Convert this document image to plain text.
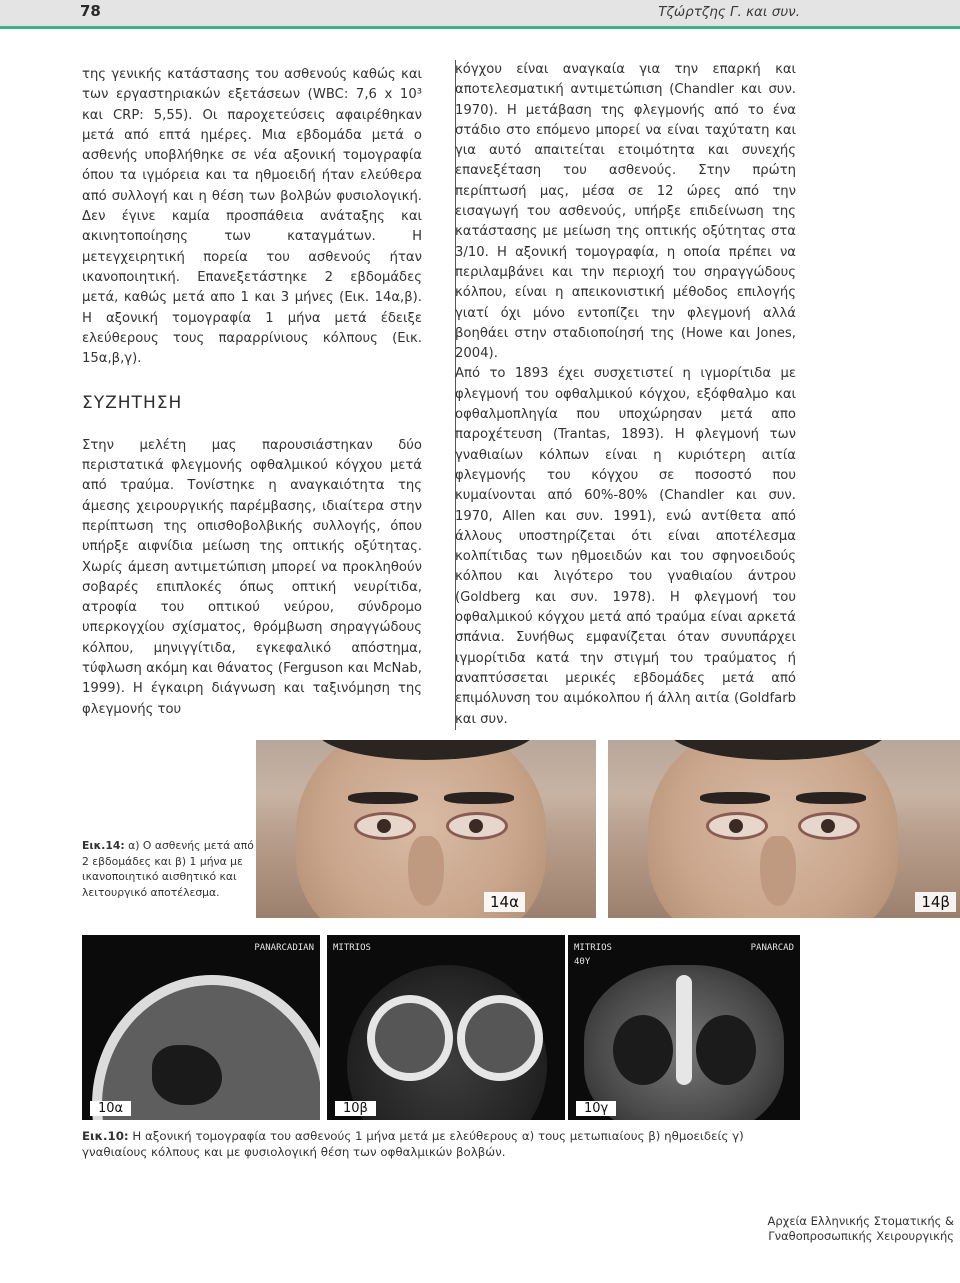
78	Τζώρτζης Γ. και συν.

της γενικής κατάστασης του ασθενούς καθώς και των εργαστηριακών εξετάσεων (WBC: 7,6 x 10³ και CRP: 5,55). Οι παροχετεύσεις αφαιρέθηκαν μετά από επτά ημέρες. Μια εβδομάδα μετά ο ασθενής υποβλήθηκε σε νέα αξονική τομογραφία όπου τα ιγμόρεια και τα ηθμοειδή ήταν ελεύθερα από συλλογή και η θέση των βολβών φυσιολογική. Δεν έγινε καμία προσπάθεια ανάταξης και ακινητοποίησης των καταγμάτων. Η μετεγχειρητική πορεία του ασθενούς ήταν ικανοποιητική. Επανεξετάστηκε 2 εβδομάδες μετά, καθώς μετά απο 1 και 3 μήνες (Εικ. 14α,β). Η αξονική τομογραφία 1 μήνα μετά έδειξε ελεύθερους τους παραρρίνιους κόλπους (Εικ. 15α,β,γ).

ΣΥΖΗΤΗΣΗ

Στην μελέτη μας παρουσιάστηκαν δύο περιστατικά φλεγμονής οφθαλμικού κόγχου μετά από τραύμα. Τονίστηκε η αναγκαιότητα της άμεσης χειρουργικής παρέμβασης, ιδιαίτερα στην περίπτωση της οπισθοβολβικής συλλογής, όπου υπήρξε αιφνίδια μείωση της οπτικής οξύτητας. Χωρίς άμεση αντιμετώπιση μπορεί να προκληθούν σοβαρές επιπλοκές όπως οπτική νευρίτιδα, ατροφία του οπτικού νεύρου, σύνδρομο υπερκογχίου σχίσματος, θρόμβωση σηραγγώδους κόλπου, μηνιγγίτιδα, εγκεφαλικό απόστημα, τύφλωση ακόμη και θάνατος (Ferguson και McNab, 1999). Η έγκαιρη διάγνωση και ταξινόμηση της φλεγμονής του

κόγχου είναι αναγκαία για την επαρκή και αποτελεσματική αντιμετώπιση (Chandler και συν. 1970). Η μετάβαση της φλεγμονής από το ένα στάδιο στο επόμενο μπορεί να είναι ταχύτατη και για αυτό απαιτείται ετοιμότητα και συνεχής επανεξέταση του ασθενούς. Στην πρώτη περίπτωσή μας, μέσα σε 12 ώρες από την εισαγωγή του ασθενούς, υπήρξε επιδείνωση της κατάστασης με μείωση της οπτικής οξύτητας στα 3/10. Η αξονική τομογραφία, η οποία πρέπει να περιλαμβάνει και την περιοχή του σηραγγώδους κόλπου, είναι η απεικονιστική μέθοδος επιλογής γιατί όχι μόνο εντοπίζει την φλεγμονή αλλά βοηθάει στην σταδιοποίησή της (Howe και Jones, 2004).

Από το 1893 έχει συσχετιστεί η ιγμορίτιδα με φλεγμονή του οφθαλμικού κόγχου, εξόφθαλμο και οφθαλμοπληγία που υποχώρησαν μετά απο παροχέτευση (Trantas, 1893). Η φλεγμονή των γναθιαίων κόλπων είναι η κυριότερη αιτία φλεγμονής του κόγχου σε ποσοστό που κυμαίνονται από 60%-80% (Chandler και συν. 1970, Allen και συν. 1991), ενώ αντίθετα από άλλους υποστηρίζεται ότι είναι αποτέλεσμα κολπίτιδας των ηθμοειδών και του σφηνοειδούς κόλπου και λιγότερο του γναθιαίου άντρου (Goldberg και συν. 1978). Η φλεγμονή του οφθαλμικού κόγχου μετά από τραύμα είναι αρκετά σπάνια. Συνήθως εμφανίζεται όταν συνυπάρχει ιγμορίτιδα κατά την στιγμή του τραύματος ή αναπτύσσεται μερικές εβδομάδες μετά από επιμόλυνση του αιμόκολπου ή άλλη αιτία (Goldfarb και συν.

14α	14β
Εικ.14: α) Ο ασθενής μετά από 2 εβδομάδες και β) 1 μήνα με ικανοποιητικό αισθητικό και λειτουργικό αποτέλεσμα.
PANARCADIAN
10α
MITRIOS
10β
MITRIOS
40Y
PANARCAD
10γ
Εικ.10: Η αξονική τομογραφία του ασθενούς 1 μήνα μετά με ελεύθερους α) τους μετωπιαίους β) ηθμοειδείς γ) γναθιαίους κόλπους και με φυσιολογική θέση των οφθαλμικών βολβών.
Αρχεία Ελληνικής Στοματικής &
Γναθοπροσωπικής Χειρουργικής
